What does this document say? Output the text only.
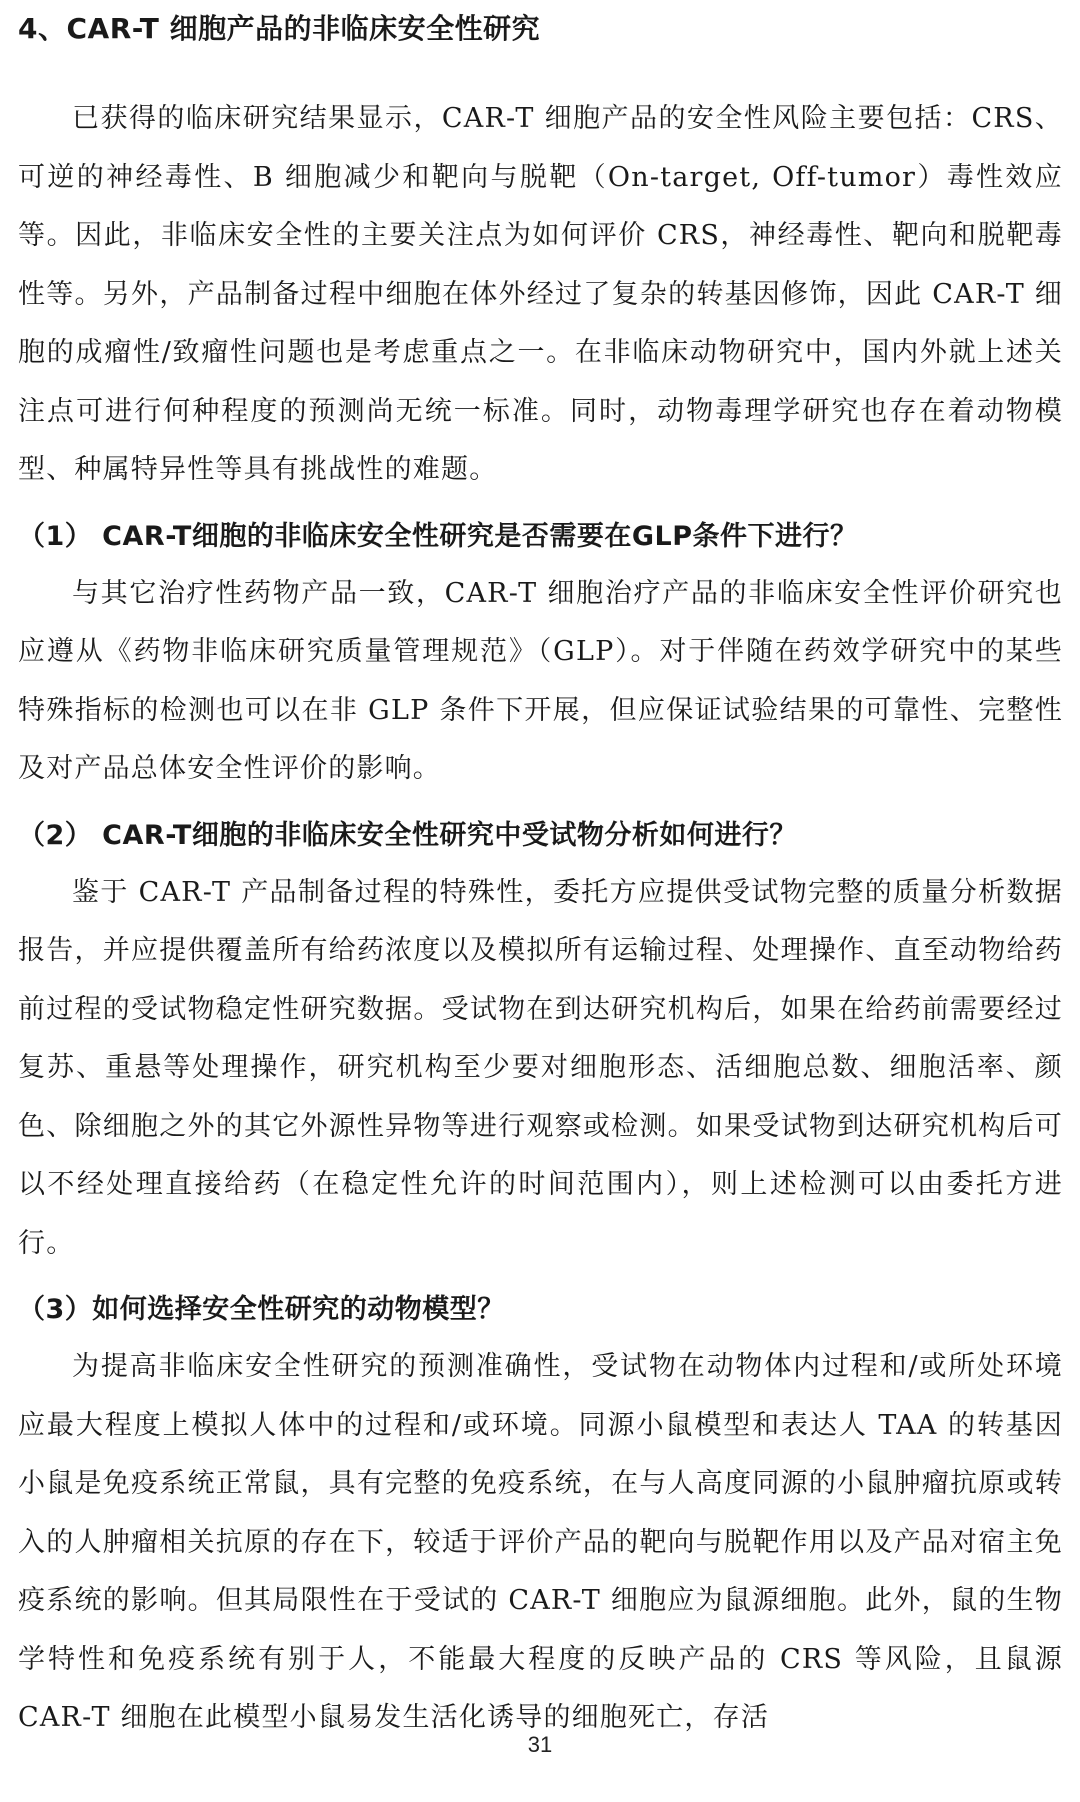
4、CAR-T 细胞产品的非临床安全性研究

已获得的临床研究结果显示，CAR-T 细胞产品的安全性风险主要包括：CRS、可逆的神经毒性、B 细胞减少和靶向与脱靶（On-target, Off-tumor）毒性效应等。因此，非临床安全性的主要关注点为如何评价 CRS，神经毒性、靶向和脱靶毒性等。另外，产品制备过程中细胞在体外经过了复杂的转基因修饰，因此 CAR-T 细胞的成瘤性/致瘤性问题也是考虑重点之一。在非临床动物研究中，国内外就上述关注点可进行何种程度的预测尚无统一标准。同时，动物毒理学研究也存在着动物模型、种属特异性等具有挑战性的难题。

（1） CAR-T细胞的非临床安全性研究是否需要在GLP条件下进行？

与其它治疗性药物产品一致，CAR-T 细胞治疗产品的非临床安全性评价研究也应遵从《药物非临床研究质量管理规范》（GLP）。对于伴随在药效学研究中的某些特殊指标的检测也可以在非 GLP 条件下开展，但应保证试验结果的可靠性、完整性及对产品总体安全性评价的影响。

（2） CAR-T细胞的非临床安全性研究中受试物分析如何进行？

鉴于 CAR-T 产品制备过程的特殊性，委托方应提供受试物完整的质量分析数据报告，并应提供覆盖所有给药浓度以及模拟所有运输过程、处理操作、直至动物给药前过程的受试物稳定性研究数据。受试物在到达研究机构后，如果在给药前需要经过复苏、重悬等处理操作，研究机构至少要对细胞形态、活细胞总数、细胞活率、颜色、除细胞之外的其它外源性异物等进行观察或检测。如果受试物到达研究机构后可以不经处理直接给药（在稳定性允许的时间范围内），则上述检测可以由委托方进行。

（3）如何选择安全性研究的动物模型？

为提高非临床安全性研究的预测准确性，受试物在动物体内过程和/或所处环境应最大程度上模拟人体中的过程和/或环境。同源小鼠模型和表达人 TAA 的转基因小鼠是免疫系统正常鼠，具有完整的免疫系统，在与人高度同源的小鼠肿瘤抗原或转入的人肿瘤相关抗原的存在下，较适于评价产品的靶向与脱靶作用以及产品对宿主免疫系统的影响。但其局限性在于受试的 CAR-T 细胞应为鼠源细胞。此外，鼠的生物学特性和免疫系统有别于人，不能最大程度的反映产品的 CRS 等风险，且鼠源 CAR-T 细胞在此模型小鼠易发生活化诱导的细胞死亡，存活

31
